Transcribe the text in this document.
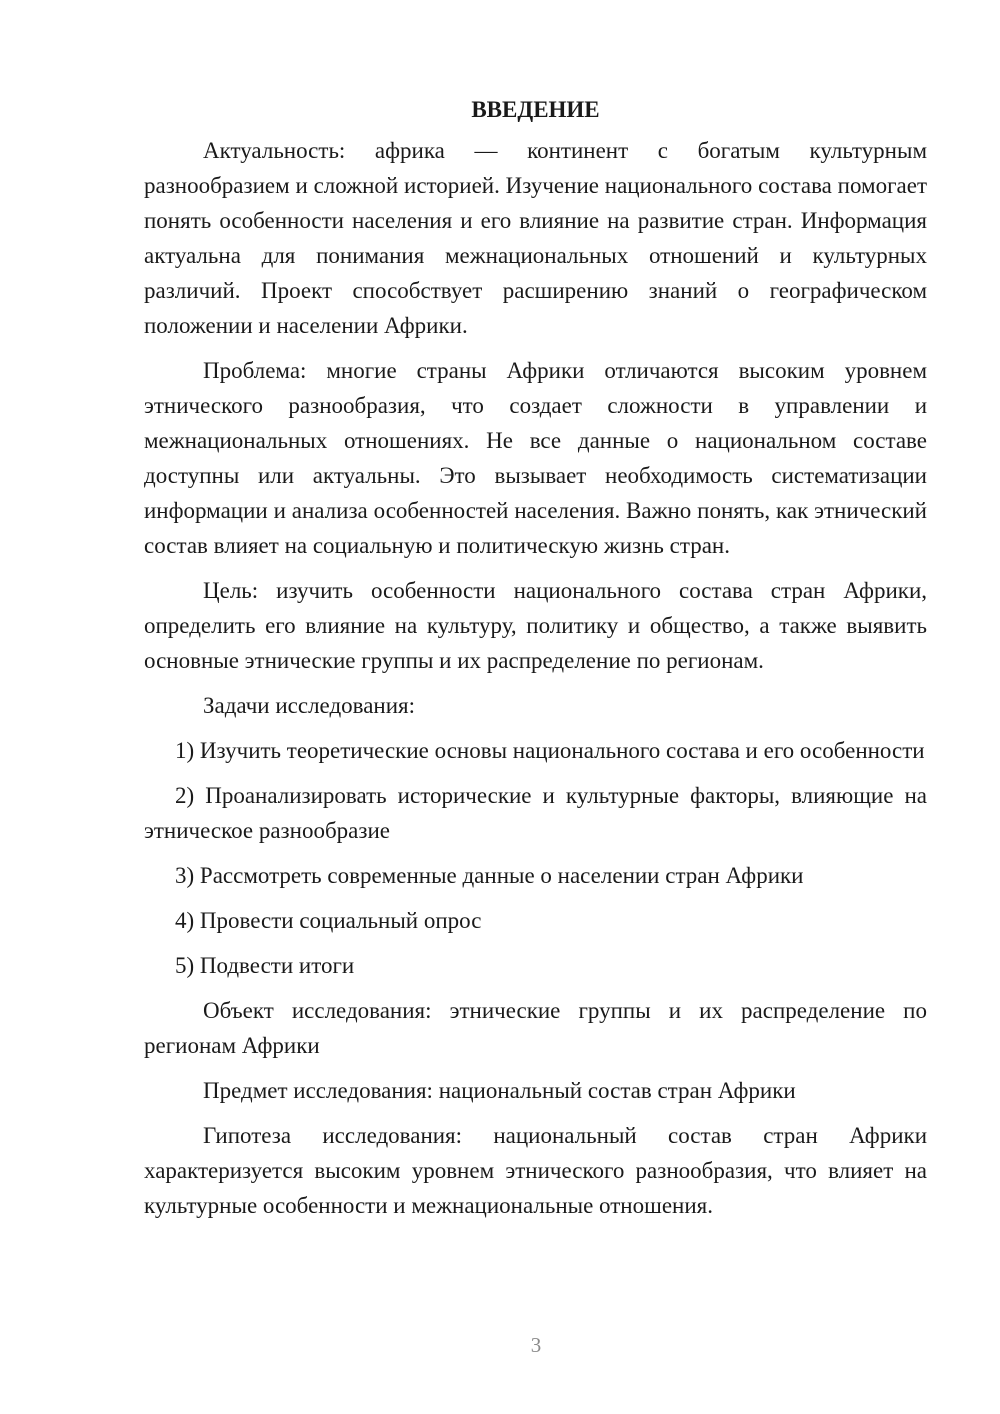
ВВЕДЕНИЕ

Актуальность: африка — континент с богатым культурным разнообразием и сложной историей. Изучение национального состава помогает понять особенности населения и его влияние на развитие стран. Информация актуальна для понимания межнациональных отношений и культурных различий. Проект способствует расширению знаний о географическом положении и населении Африки.

Проблема: многие страны Африки отличаются высоким уровнем этнического разнообразия, что создает сложности в управлении и межнациональных отношениях. Не все данные о национальном составе доступны или актуальны. Это вызывает необходимость систематизации информации и анализа особенностей населения. Важно понять, как этнический состав влияет на социальную и политическую жизнь стран.

Цель: изучить особенности национального состава стран Африки, определить его влияние на культуру, политику и общество, а также выявить основные этнические группы и их распределение по регионам.

Задачи исследования:

1) Изучить теоретические основы национального состава и его особенности

2) Проанализировать исторические и культурные факторы, влияющие на этническое разнообразие

3) Рассмотреть современные данные о населении стран Африки

4) Провести социальный опрос

5) Подвести итоги

Объект исследования: этнические группы и их распределение по регионам Африки

Предмет исследования: национальный состав стран Африки

Гипотеза исследования: национальный состав стран Африки характеризуется высоким уровнем этнического разнообразия, что влияет на культурные особенности и межнациональные отношения.

3
